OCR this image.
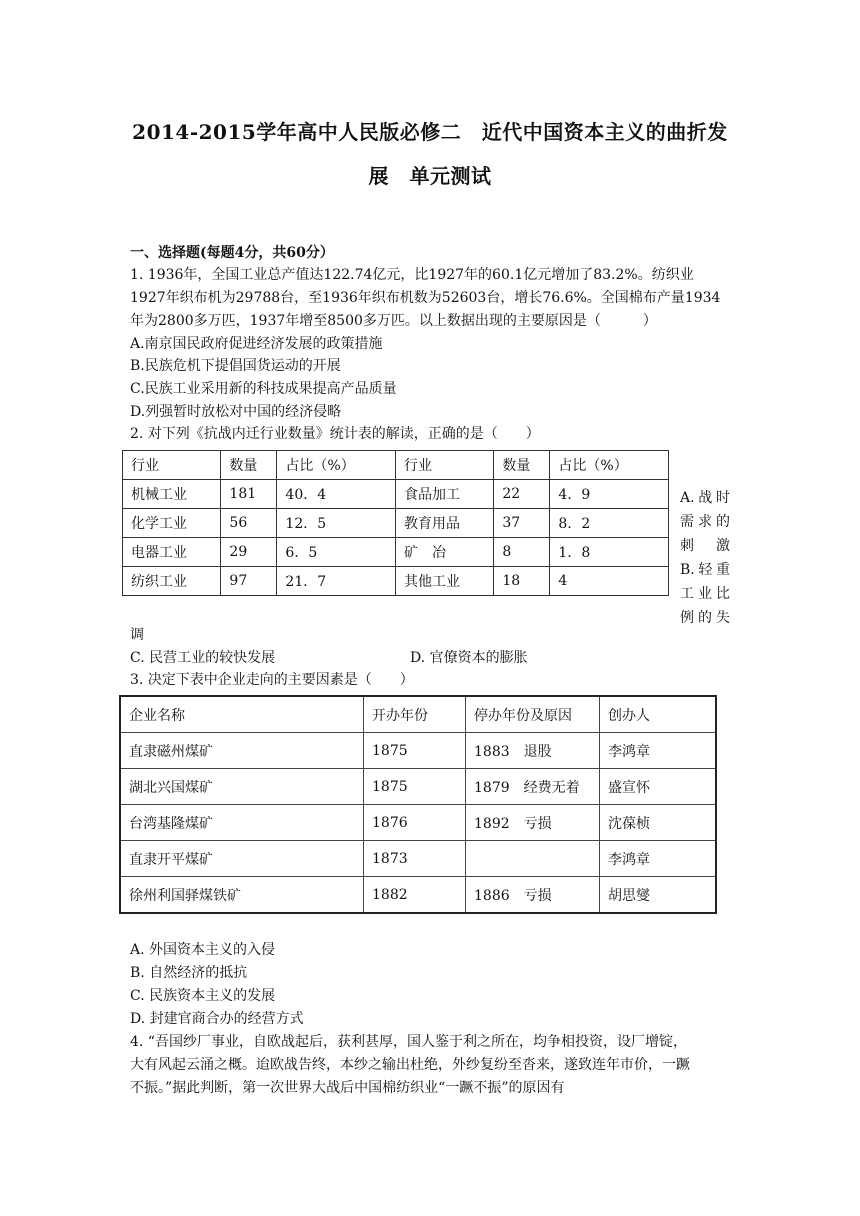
2014-2015学年高中人民版必修二　近代中国资本主义的曲折发
展　单元测试
一、选择题(每题4分，共60分）
1. 1936年，全国工业总产值达122.74亿元，比1927年的60.1亿元增加了83.2%。纺织业
1927年织布机为29788台，至1936年织布机数为52603台，增长76.6%。全国棉布产量1934
年为2800多万匹，1937年增至8500多万匹。以上数据出现的主要原因是（　　　）
A.南京国民政府促进经济发展的政策措施
B.民族危机下提倡国货运动的开展
C.民族工业采用新的科技成果提高产品质量
D.列强暂时放松对中国的经济侵略
2. 对下列《抗战内迁行业数量》统计表的解读，正确的是（　　）
行业	数量	占比（%）	行业	数量	占比（%）
机械工业	181	40．4	食品加工	22	4．9
化学工业	56	12．5	教育用品	37	8．2
电器工业	29	6．5	矿　冶	8	1．8
纺织工业	97	21．7	其他工业	18	4
A.战时
需求的
刺　激
B.轻重
工业比
例的失
调
C. 民营工业的较快发展	D. 官僚资本的膨胀
3. 决定下表中企业走向的主要因素是（　　）
企业名称	开办年份	停办年份及原因	创办人
直隶磁州煤矿	1875	1883　退股	李鸿章
湖北兴国煤矿	1875	1879　经费无着	盛宣怀
台湾基隆煤矿	1876	1892　亏损	沈葆桢
直隶开平煤矿	1873		李鸿章
徐州利国驿煤铁矿	1882	1886　亏损	胡思燮
A. 外国资本主义的入侵
B. 自然经济的抵抗
C. 民族资本主义的发展
D. 封建官商合办的经营方式
4. “吾国纱厂事业，自欧战起后，获利甚厚，国人鉴于利之所在，均争相投资，设厂增锭，
大有风起云涌之概。迨欧战告终，本纱之输出杜绝，外纱复纷至沓来，遂致连年市价，一蹶
不振。”据此判断，第一次世界大战后中国棉纺织业“一蹶不振”的原因有
